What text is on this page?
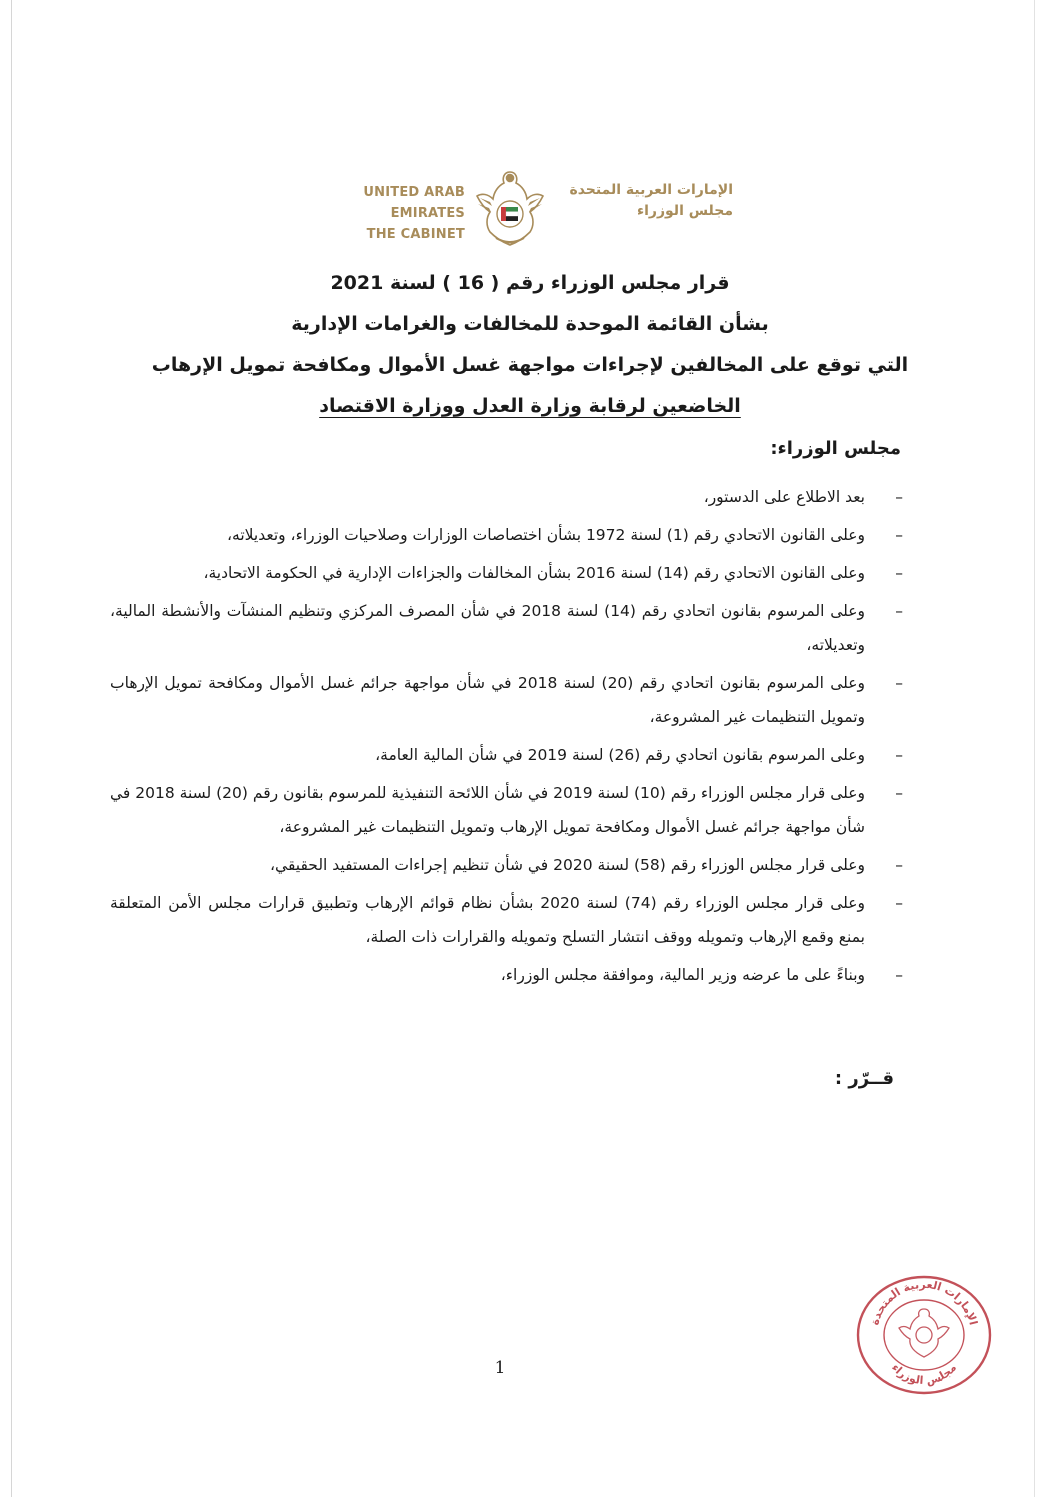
UNITED ARAB EMIRATES
THE CABINET
الإمارات العربية المتحدة
مجلس الوزراء
قرار مجلس الوزراء رقم ( 16 ) لسنة 2021
بشأن القائمة الموحدة للمخالفات والغرامات الإدارية
التي توقع على المخالفين لإجراءات مواجهة غسل الأموال ومكافحة تمويل الإرهاب
الخاضعين لرقابة وزارة العدل ووزارة الاقتصاد
مجلس الوزراء:
–
بعد الاطلاع على الدستور،
–
وعلى القانون الاتحادي رقم (1) لسنة 1972 بشأن اختصاصات الوزارات وصلاحيات الوزراء، وتعديلاته،
–
وعلى القانون الاتحادي رقم (14) لسنة 2016 بشأن المخالفات والجزاءات الإدارية في الحكومة الاتحادية،
–
وعلى المرسوم بقانون اتحادي رقم (14) لسنة 2018 في شأن المصرف المركزي وتنظيم المنشآت والأنشطة المالية، وتعديلاته،
–
وعلى المرسوم بقانون اتحادي رقم (20) لسنة 2018 في شأن مواجهة جرائم غسل الأموال ومكافحة تمويل الإرهاب وتمويل التنظيمات غير المشروعة،
–
وعلى المرسوم بقانون اتحادي رقم (26) لسنة 2019 في شأن المالية العامة،
–
وعلى قرار مجلس الوزراء رقم (10) لسنة 2019 في شأن اللائحة التنفيذية للمرسوم بقانون رقم (20) لسنة 2018 في شأن مواجهة جرائم غسل الأموال ومكافحة تمويل الإرهاب وتمويل التنظيمات غير المشروعة،
–
وعلى قرار مجلس الوزراء رقم (58) لسنة 2020 في شأن تنظيم إجراءات المستفيد الحقيقي،
–
وعلى قرار مجلس الوزراء رقم (74) لسنة 2020 بشأن نظام قوائم الإرهاب وتطبيق قرارات مجلس الأمن المتعلقة بمنع وقمع الإرهاب وتمويله ووقف انتشار التسلح وتمويله والقرارات ذات الصلة،
–
وبناءً على ما عرضه وزير المالية، وموافقة مجلس الوزراء،
قــرّر :
1
الإمارات العربية المتحدة
مجلس الوزراء
